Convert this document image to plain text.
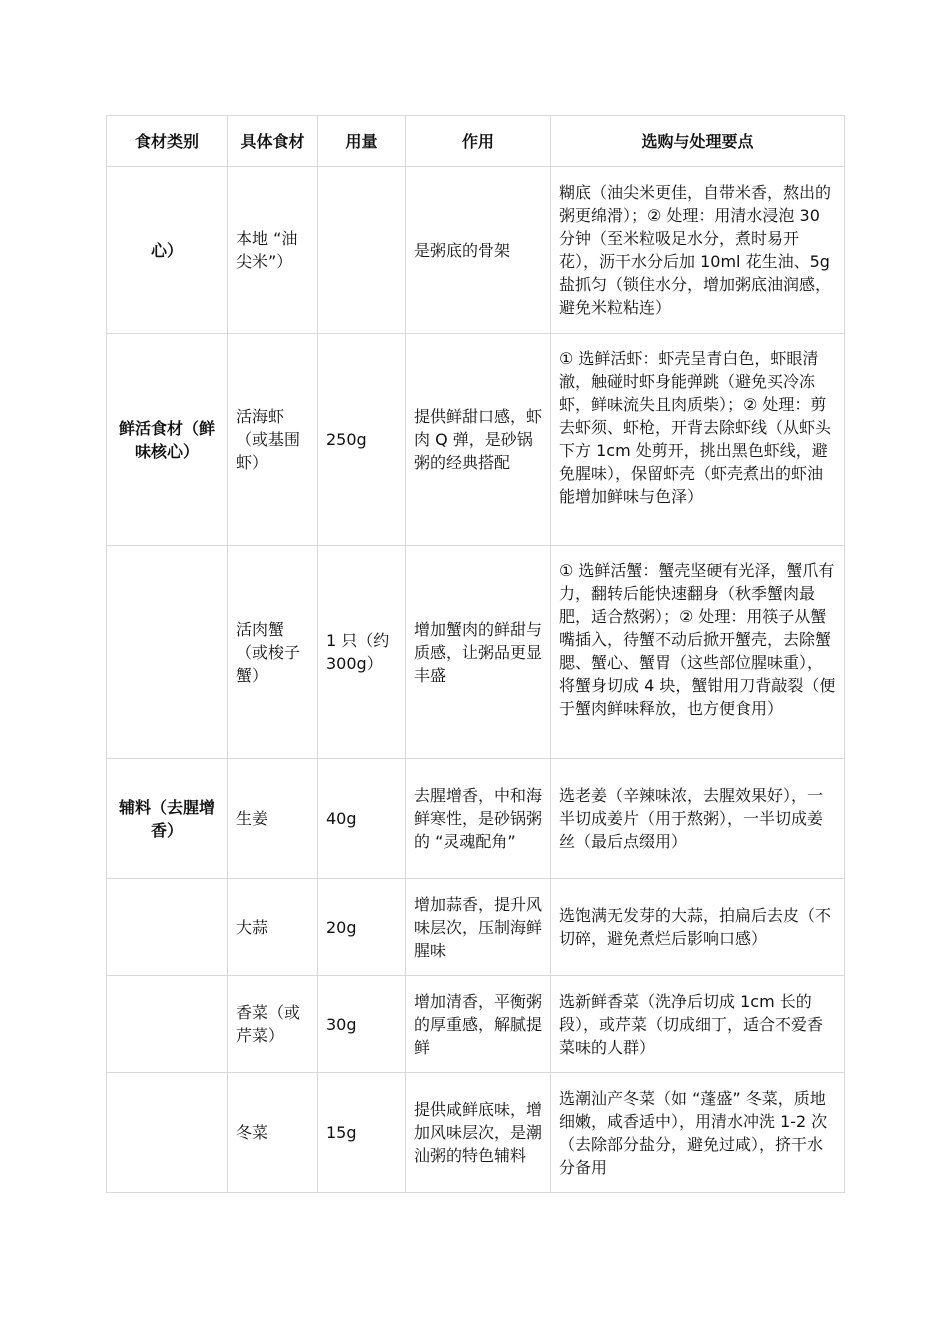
食材类别	具体食材	用量	作用	选购与处理要点
心）	本地 “油尖米”）		是粥底的骨架	糊底（油尖米更佳，自带米香，熬出的粥更绵滑）；② 处理：用清水浸泡 30 分钟（至米粒吸足水分，煮时易开花），沥干水分后加 10ml 花生油、5g 盐抓匀（锁住水分，增加粥底油润感，避免米粒粘连）
鲜活食材（鲜味核心）	活海虾（或基围虾）	250g	提供鲜甜口感，虾肉 Q 弹，是砂锅粥的经典搭配	① 选鲜活虾：虾壳呈青白色，虾眼清澈，触碰时虾身能弹跳（避免买冷冻虾，鲜味流失且肉质柴）；② 处理：剪去虾须、虾枪，开背去除虾线（从虾头下方 1cm 处剪开，挑出黑色虾线，避免腥味），保留虾壳（虾壳煮出的虾油能增加鲜味与色泽）
	活肉蟹（或梭子蟹）	1 只（约 300g）	增加蟹肉的鲜甜与质感，让粥品更显丰盛	① 选鲜活蟹：蟹壳坚硬有光泽，蟹爪有力，翻转后能快速翻身（秋季蟹肉最肥，适合熬粥）；② 处理：用筷子从蟹嘴插入，待蟹不动后掀开蟹壳，去除蟹腮、蟹心、蟹胃（这些部位腥味重），将蟹身切成 4 块，蟹钳用刀背敲裂（便于蟹肉鲜味释放，也方便食用）
辅料（去腥增香）	生姜	40g	去腥增香，中和海鲜寒性，是砂锅粥的 “灵魂配角”	选老姜（辛辣味浓，去腥效果好），一半切成姜片（用于熬粥），一半切成姜丝（最后点缀用）
	大蒜	20g	增加蒜香，提升风味层次，压制海鲜腥味	选饱满无发芽的大蒜，拍扁后去皮（不切碎，避免煮烂后影响口感）
	香菜（或芹菜）	30g	增加清香，平衡粥的厚重感，解腻提鲜	选新鲜香菜（洗净后切成 1cm 长的段），或芹菜（切成细丁，适合不爱香菜味的人群）
	冬菜	15g	提供咸鲜底味，增加风味层次，是潮汕粥的特色辅料	选潮汕产冬菜（如 “蓬盛” 冬菜，质地细嫩，咸香适中），用清水冲洗 1-2 次（去除部分盐分，避免过咸），挤干水分备用
